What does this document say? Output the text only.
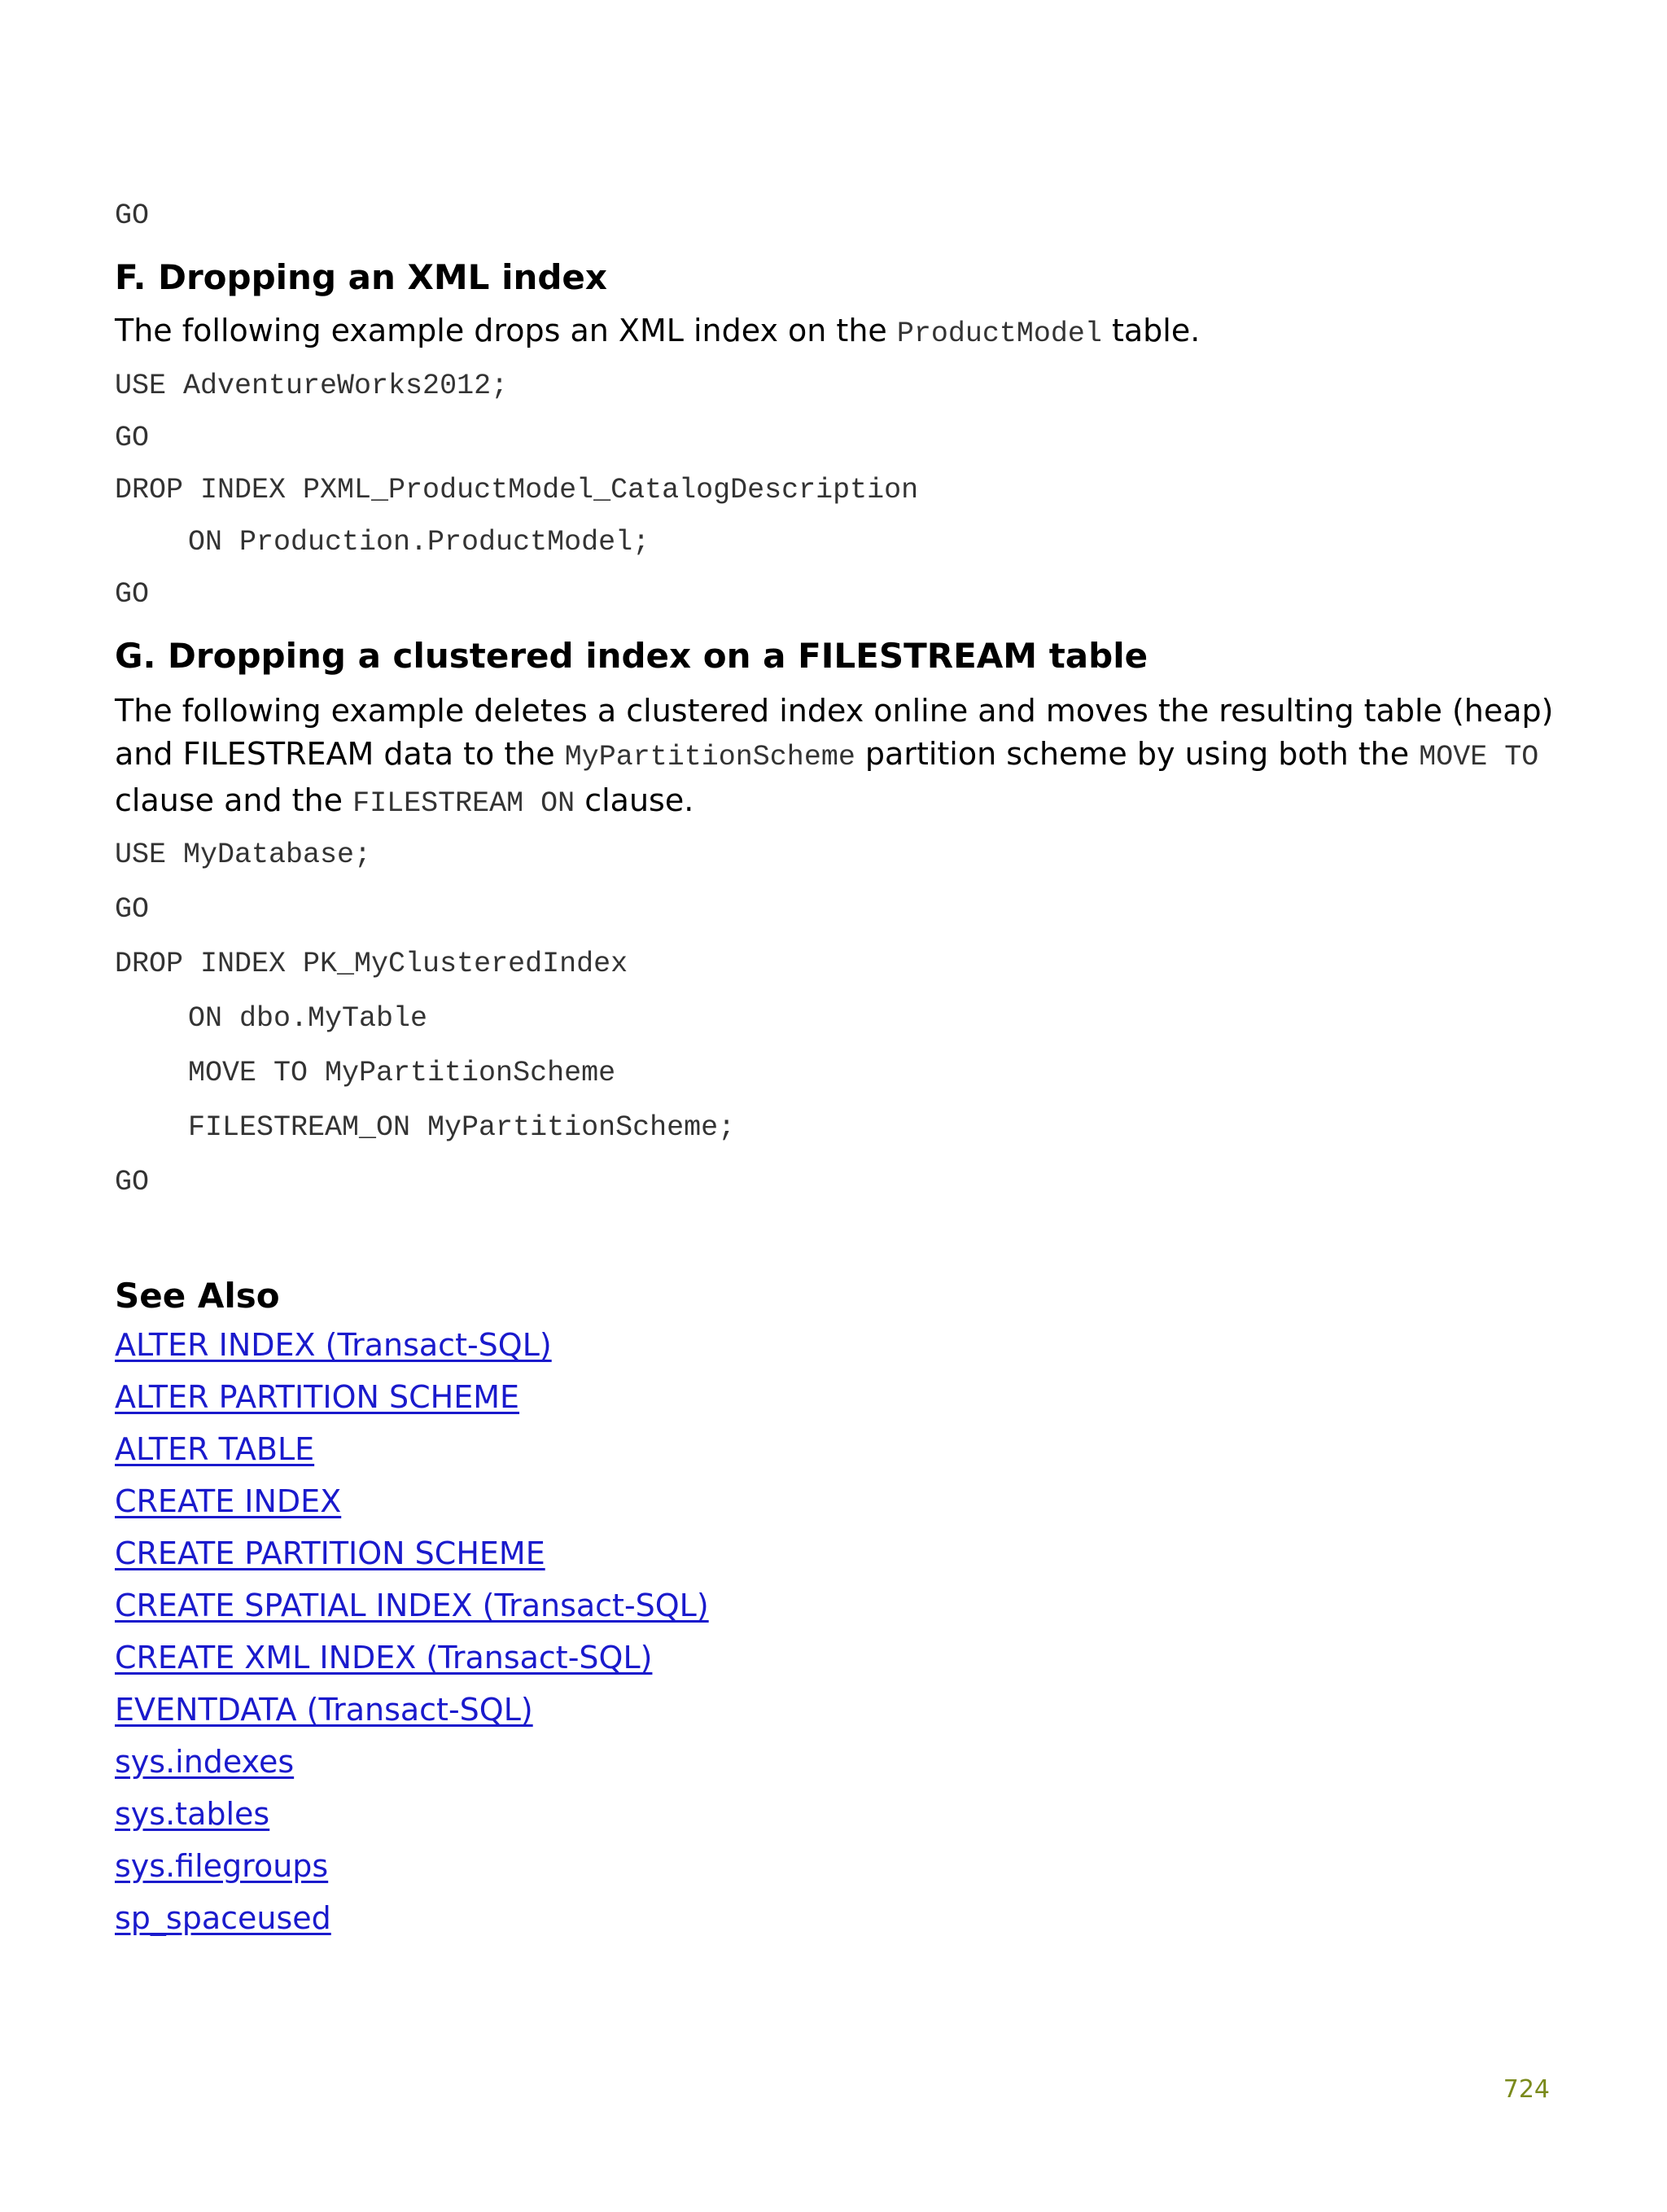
GO
F. Dropping an XML index

The following example drops an XML index on the ProductModel table.

USE AdventureWorks2012;
GO
DROP INDEX PXML_ProductModel_CatalogDescription
ON Production.ProductModel;
GO
G. Dropping a clustered index on a FILESTREAM table

The following example deletes a clustered index online and moves the resulting table (heap) and FILESTREAM data to the MyPartitionScheme partition scheme by using both the MOVE TO
clause and the FILESTREAM ON clause.

USE MyDatabase;
GO
DROP INDEX PK_MyClusteredIndex
ON dbo.MyTable
MOVE TO MyPartitionScheme
FILESTREAM_ON MyPartitionScheme;
GO
See Also
ALTER INDEX (Transact-SQL)
ALTER PARTITION SCHEME
ALTER TABLE
CREATE INDEX
CREATE PARTITION SCHEME
CREATE SPATIAL INDEX (Transact-SQL)
CREATE XML INDEX (Transact-SQL)
EVENTDATA (Transact-SQL)
sys.indexes
sys.tables
sys.filegroups
sp_spaceused
724
